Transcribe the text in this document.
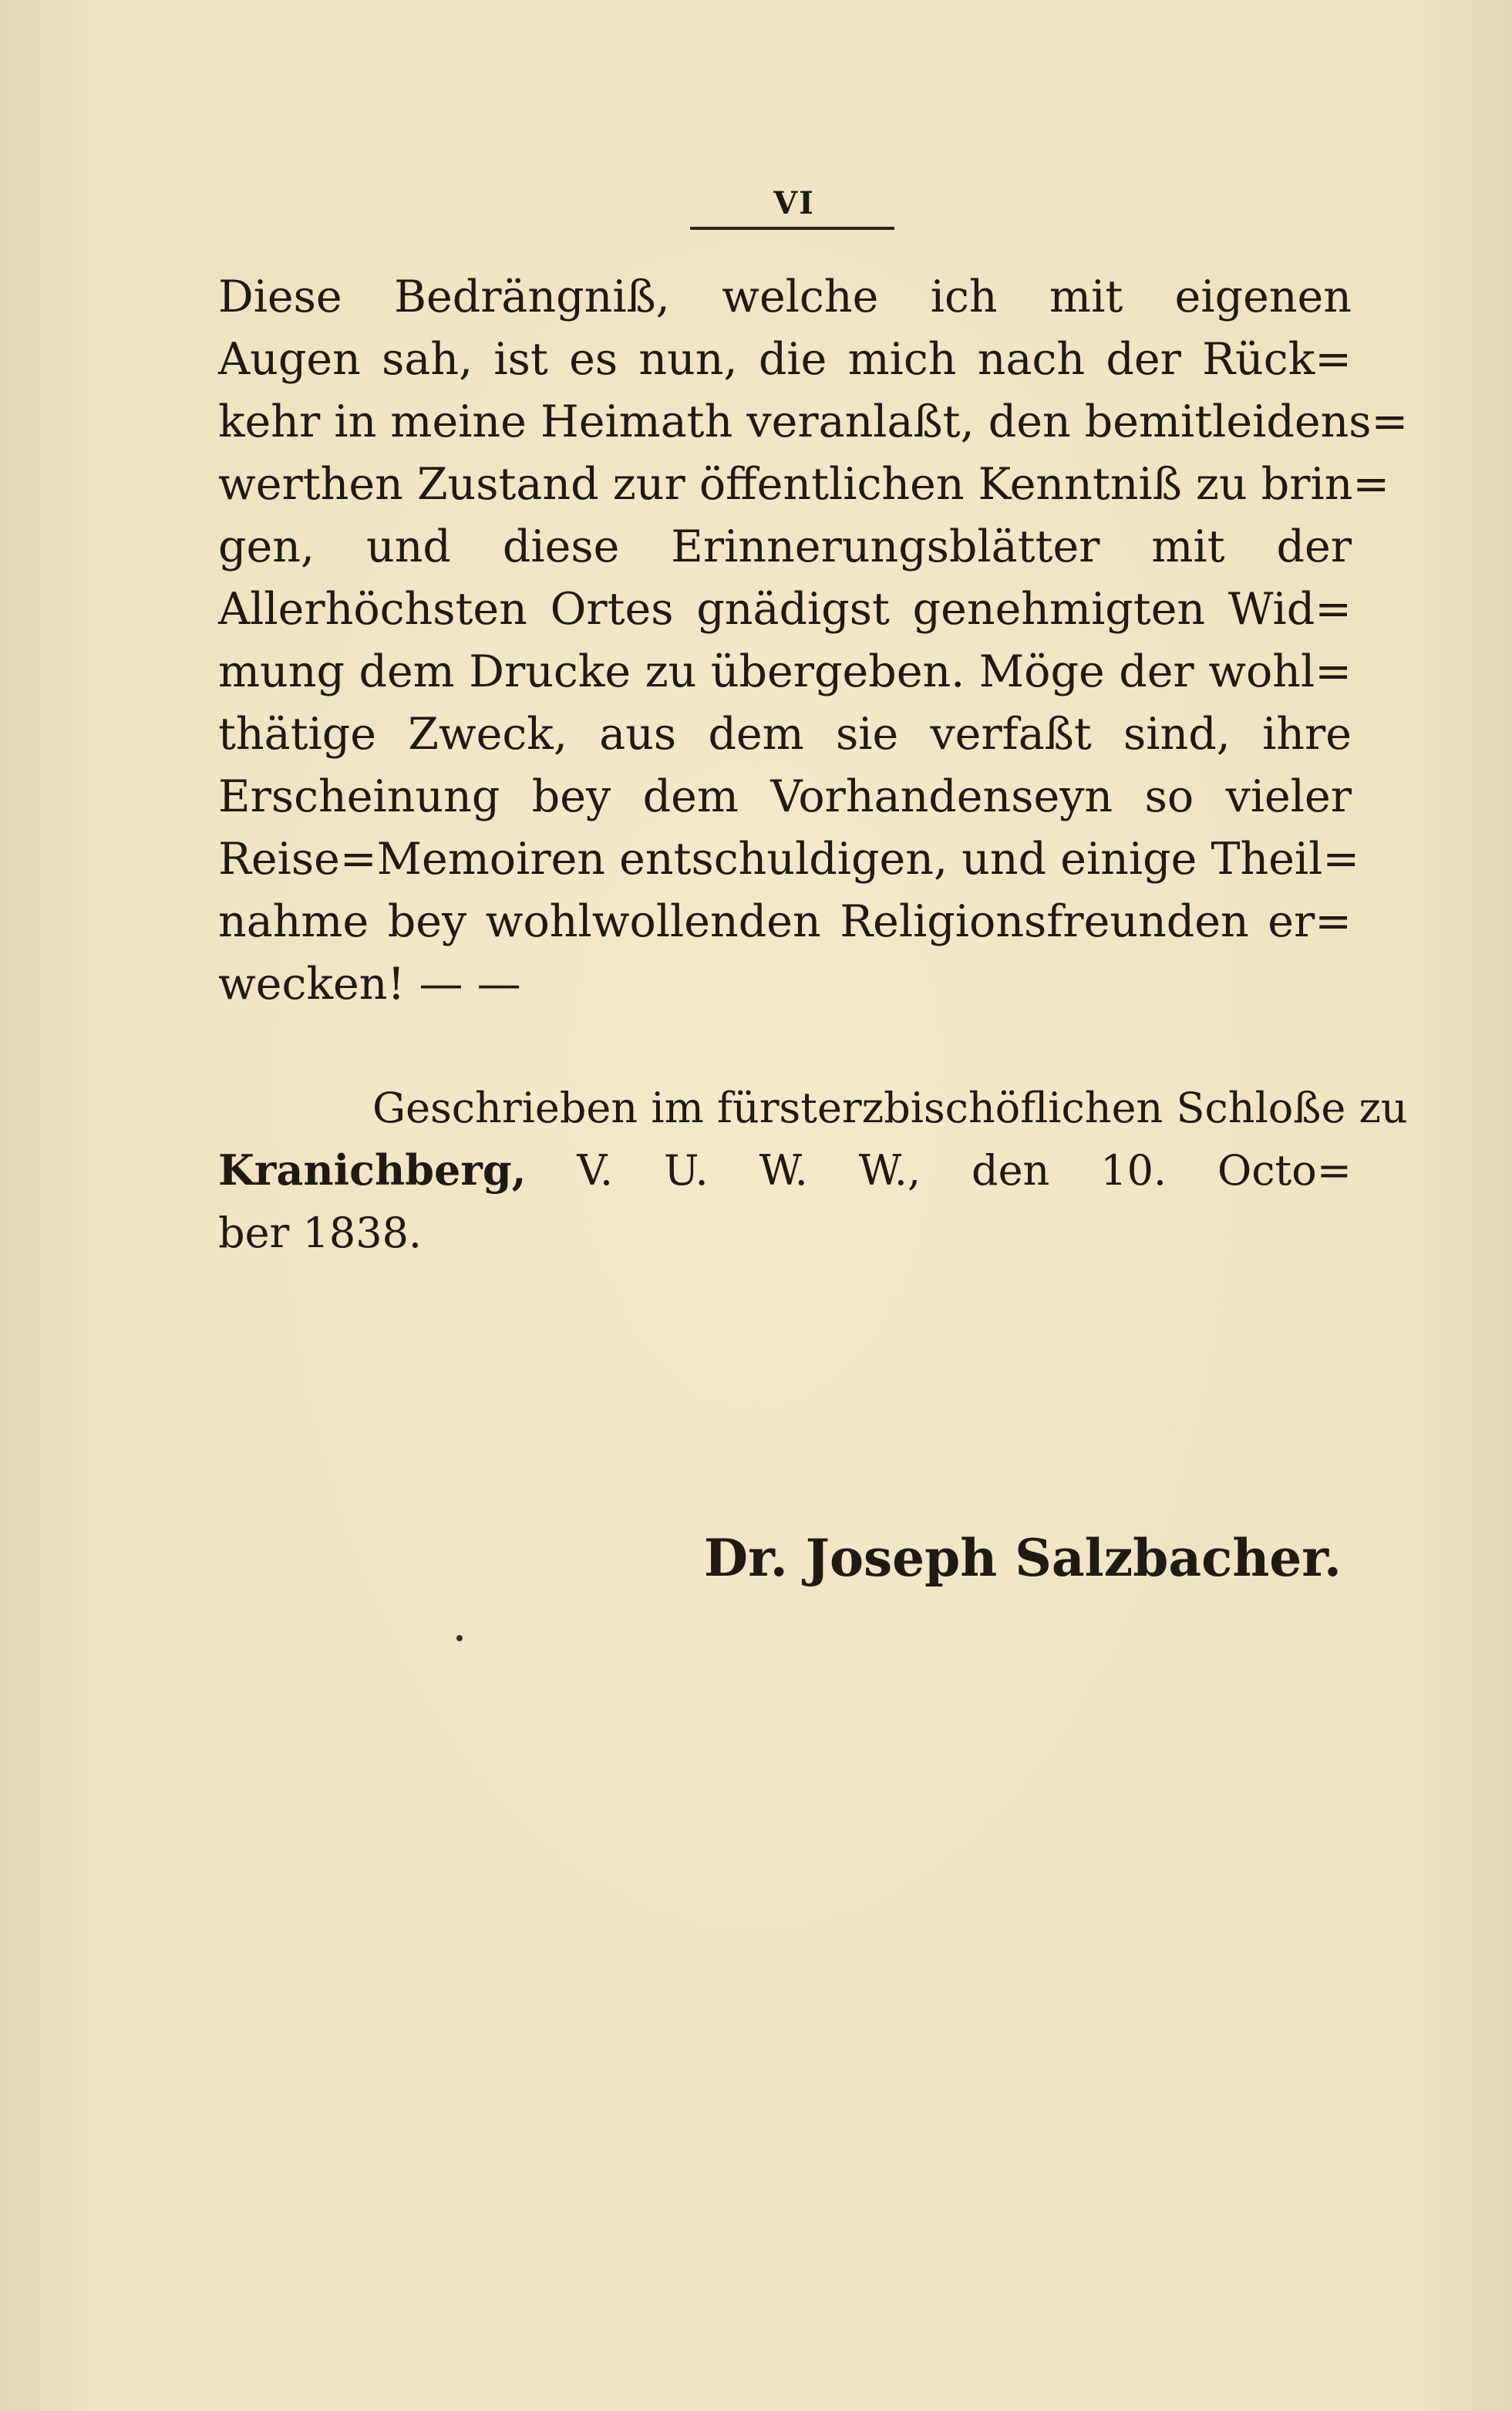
VI
Diese Bedrängniß, welche ich mit eigenen
Augen sah, ist es nun, die mich nach der Rück=
kehr in meine Heimath veranlaßt, den bemitleidens=
werthen Zustand zur öffentlichen Kenntniß zu brin=
gen, und diese Erinnerungsblätter mit der
Allerhöchsten Ortes gnädigst genehmigten Wid=
mung dem Drucke zu übergeben. Möge der wohl=
thätige Zweck, aus dem sie verfaßt sind, ihre
Erscheinung bey dem Vorhandenseyn so vieler
Reise=Memoiren entschuldigen, und einige Theil=
nahme bey wohlwollenden Religionsfreunden er=
wecken! — —
Geschrieben im fürsterzbischöflichen Schloße zu
Kranichberg, V. U. W. W., den 10. Octo=
ber 1838.
Dr. Joseph Salzbacher.
